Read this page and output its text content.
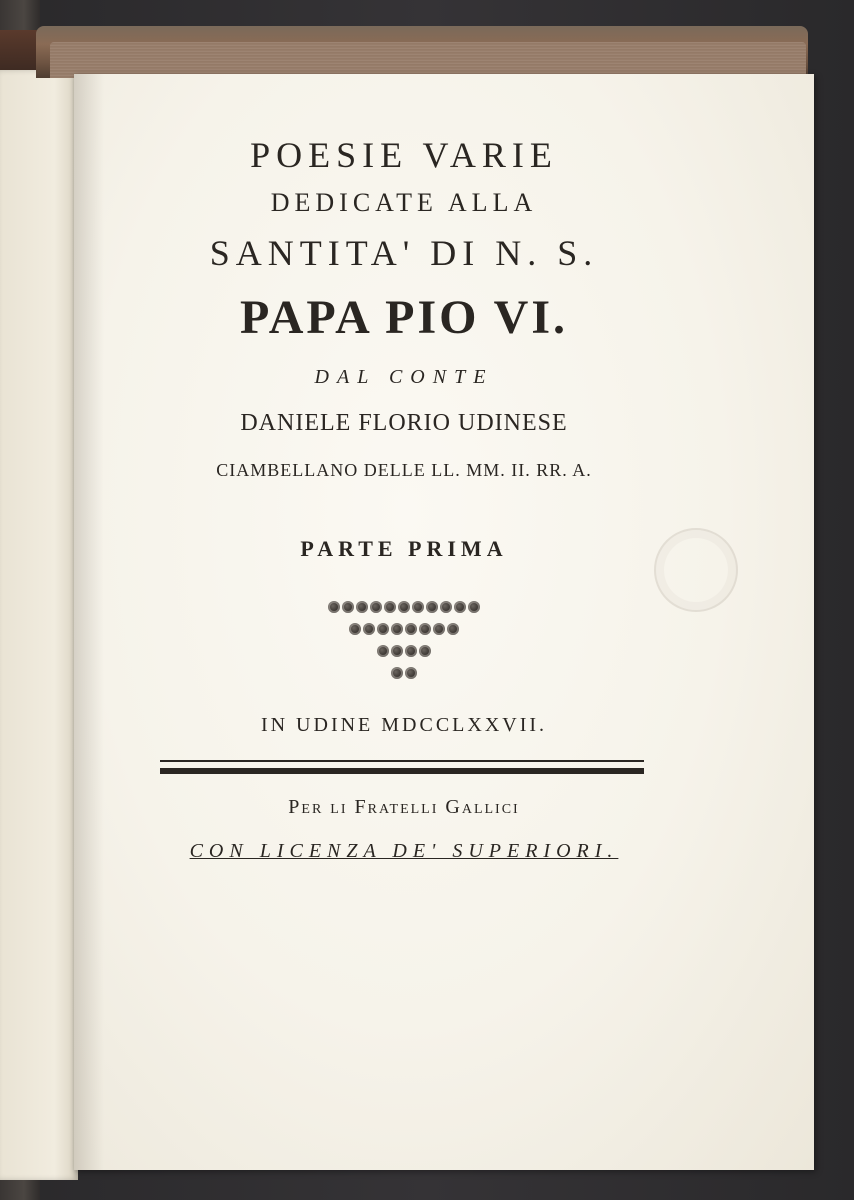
POESIE VARIE
DEDICATE ALLA
SANTITA' DI N. S.
PAPA PIO VI.
DAL CONTE
DANIELE FLORIO UDINESE
CIAMBELLANO DELLE LL. MM. II. RR. A.
PARTE PRIMA
IN UDINE MDCCLXXVII.
Per li Fratelli Gallici
CON LICENZA DE' SUPERIORI.
